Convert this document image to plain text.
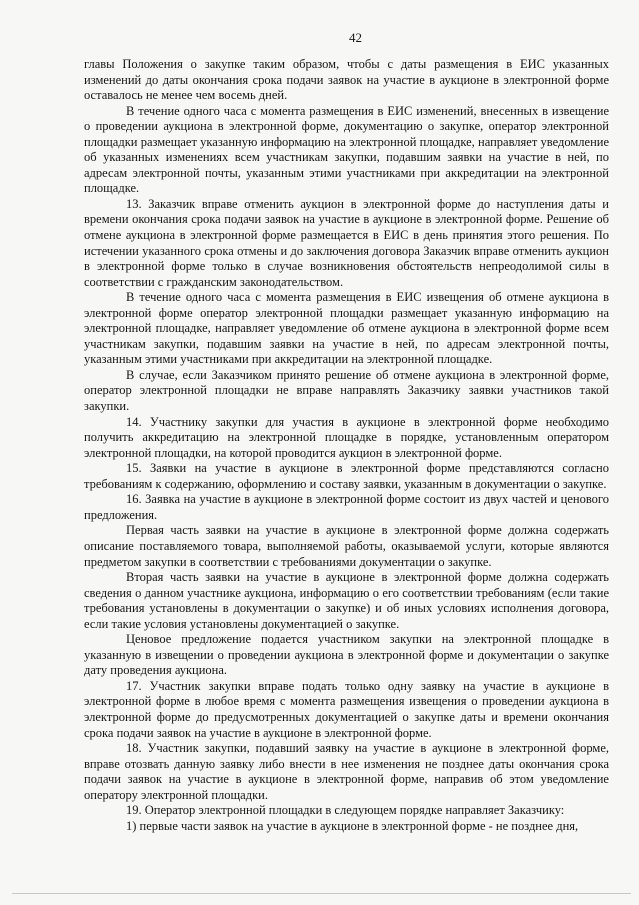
42

главы Положения о закупке таким образом, чтобы с даты размещения в ЕИС указанных изменений до даты окончания срока подачи заявок на участие в аукционе в электронной форме оставалось не менее чем восемь дней.

В течение одного часа с момента размещения в ЕИС изменений, внесенных в извещение о проведении аукциона в электронной форме, документацию о закупке, оператор электронной площадки размещает указанную информацию на электронной площадке, направляет уведомление об указанных изменениях всем участникам закупки, подавшим заявки на участие в ней, по адресам электронной почты, указанным этими участниками при аккредитации на электронной площадке.

13. Заказчик вправе отменить аукцион в электронной форме до наступления даты и времени окончания срока подачи заявок на участие в аукционе в электронной форме. Решение об отмене аукциона в электронной форме размещается в ЕИС в день принятия этого решения. По истечении указанного срока отмены и до заключения договора Заказчик вправе отменить аукцион в электронной форме только в случае возникновения обстоятельств непреодолимой силы в соответствии с гражданским законодательством.

В течение одного часа с момента размещения в ЕИС извещения об отмене аукциона в электронной форме оператор электронной площадки размещает указанную информацию на электронной площадке, направляет уведомление об отмене аукциона в электронной форме всем участникам закупки, подавшим заявки на участие в ней, по адресам электронной почты, указанным этими участниками при аккредитации на электронной площадке.

В случае, если Заказчиком принято решение об отмене аукциона в электронной форме, оператор электронной площадки не вправе направлять Заказчику заявки участников такой закупки.

14. Участнику закупки для участия в аукционе в электронной форме необходимо получить аккредитацию на электронной площадке в порядке, установленным оператором электронной площадки, на которой проводится аукцион в электронной форме.

15. Заявки на участие в аукционе в электронной форме представляются согласно требованиям к содержанию, оформлению и составу заявки, указанным в документации о закупке.

16. Заявка на участие в аукционе в электронной форме состоит из двух частей и ценового предложения.

Первая часть заявки на участие в аукционе в электронной форме должна содержать описание поставляемого товара, выполняемой работы, оказываемой услуги, которые являются предметом закупки в соответствии с требованиями документации о закупке.

Вторая часть заявки на участие в аукционе в электронной форме должна содержать сведения о данном участнике аукциона, информацию о его соответствии требованиям (если такие требования установлены в документации о закупке) и об иных условиях исполнения договора, если такие условия установлены документацией о закупке.

Ценовое предложение подается участником закупки на электронной площадке в указанную в извещении о проведении аукциона в электронной форме и документации о закупке дату проведения аукциона.

17. Участник закупки вправе подать только одну заявку на участие в аукционе в электронной форме в любое время с момента размещения извещения о проведении аукциона в электронной форме до предусмотренных документацией о закупке даты и времени окончания срока подачи заявок на участие в аукционе в электронной форме.

18. Участник закупки, подавший заявку на участие в аукционе в электронной форме, вправе отозвать данную заявку либо внести в нее изменения не позднее даты окончания срока подачи заявок на участие в аукционе в электронной форме, направив об этом уведомление оператору электронной площадки.

19. Оператор электронной площадки в следующем порядке направляет Заказчику:

1) первые части заявок на участие в аукционе в электронной форме - не позднее дня,
